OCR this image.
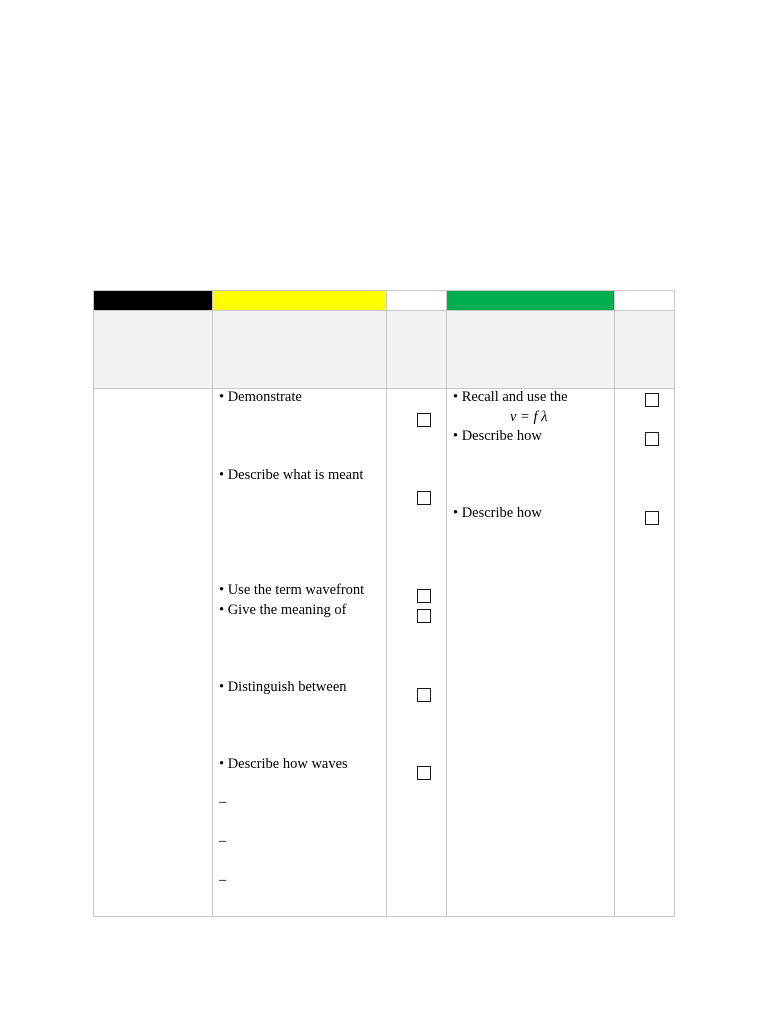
• Demonstrate
• Describe what is meant
• Use the term wavefront
• Give the meaning of
• Distinguish between
• Describe how waves
–
–
–
• Recall and use the
v = f λ
• Describe how
• Describe how
